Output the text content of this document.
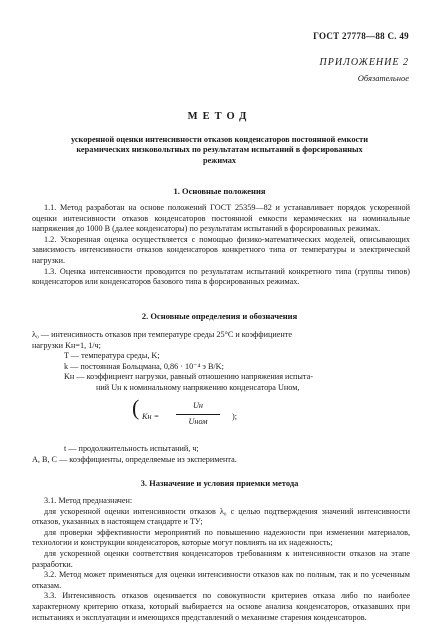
ГОСТ 27778—88 С. 49
ПРИЛОЖЕНИЕ 2
Обязательное
МЕТОД
ускоренной оценки интенсивности отказов конденсаторов постоянной емкости керамических низковольтных по результатам испытаний в форсированных режимах
1. Основные положения

1.1. Метод разработан на основе положений ГОСТ 25359—82 и устанавливает порядок ускоренной оценки интенсивности отказов конденсаторов постоянной емкости керамических на номинальные напряжения до 1000 В (далее конденсаторы) по результатам испытаний в форсированных режимах.

1.2. Ускоренная оценка осуществляется с помощью физико-математических моделей, описывающих зависимость интенсивности отказов конденсаторов конкретного типа от температуры и электрической нагрузки.

1.3. Оценка интенсивности проводится по результатам испытаний конкретного типа (группы типов) конденсаторов или конденсаторов базового типа в форсированных режимах.

2. Основные определения и обозначения
λ₀ — интенсивность отказов при температуре среды 25°C и коэффициенте
нагрузки Kн=1, 1/ч;
T — температура среды, K;
k — постоянная Больцмана, 0,86 · 10⁻⁴ э В/K;
Kн — коэффициент нагрузки, равный отношению напряжения испыта-
ний Uн к номинальному напряжению конденсатора Uном,
( Kн =
Uн
Uном
);
t — продолжительность испытаний, ч;
A, B, C — коэффициенты, определяемые из эксперимента.
3. Назначение и условия приемки метода

3.1. Метод предназначен:

для ускоренной оценки интенсивности отказов λ₀ с целью подтверждения значений интенсивности отказов, указанных в настоящем стандарте и ТУ;

для проверки эффективности мероприятий по повышению надежности при изменении материалов, технологии и конструкции конденсаторов, которые могут повлиять на их надежность;

для ускоренной оценки соответствия конденсаторов требованиям к интенсивности отказов на этапе разработки.

3.2. Метод может применяться для оценки интенсивности отказов как по полным, так и по усеченным отказам.

3.3. Интенсивность отказов оценивается по совокупности критериев отказа либо по наиболее характерному критерию отказа, который выбирается на основе анализа конденсаторов, отказавших при испытаниях и эксплуатации и имеющихся представлений о механизме старения конденсаторов.
